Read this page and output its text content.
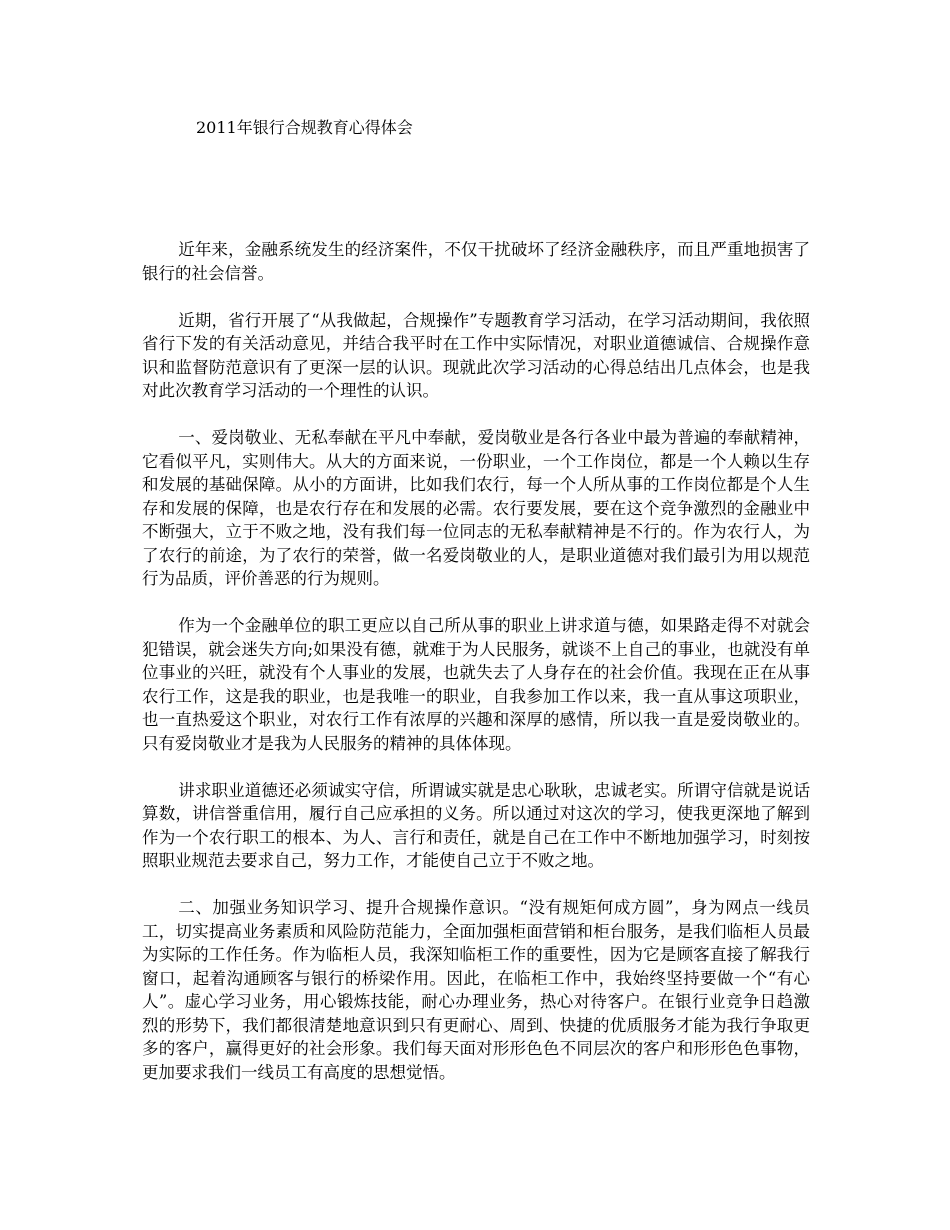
2011年银行合规教育心得体会

近年来，金融系统发生的经济案件，不仅干扰破坏了经济金融秩序，而且严重地损害了银行的社会信誉。

近期，省行开展了“从我做起，合规操作”专题教育学习活动，在学习活动期间，我依照省行下发的有关活动意见，并结合我平时在工作中实际情况，对职业道德诚信、合规操作意识和监督防范意识有了更深一层的认识。现就此次学习活动的心得总结出几点体会，也是我对此次教育学习活动的一个理性的认识。

一、爱岗敬业、无私奉献在平凡中奉献，爱岗敬业是各行各业中最为普遍的奉献精神，它看似平凡，实则伟大。从大的方面来说，一份职业，一个工作岗位，都是一个人赖以生存和发展的基础保障。从小的方面讲，比如我们农行，每一个人所从事的工作岗位都是个人生存和发展的保障，也是农行存在和发展的必需。农行要发展，要在这个竞争激烈的金融业中不断强大，立于不败之地，没有我们每一位同志的无私奉献精神是不行的。作为农行人，为了农行的前途，为了农行的荣誉，做一名爱岗敬业的人，是职业道德对我们最引为用以规范行为品质，评价善恶的行为规则。

作为一个金融单位的职工更应以自己所从事的职业上讲求道与德，如果路走得不对就会犯错误，就会迷失方向;如果没有德，就难于为人民服务，就谈不上自己的事业，也就没有单位事业的兴旺，就没有个人事业的发展，也就失去了人身存在的社会价值。我现在正在从事农行工作，这是我的职业，也是我唯一的职业，自我参加工作以来，我一直从事这项职业，也一直热爱这个职业，对农行工作有浓厚的兴趣和深厚的感情，所以我一直是爱岗敬业的。只有爱岗敬业才是我为人民服务的精神的具体体现。

讲求职业道德还必须诚实守信，所谓诚实就是忠心耿耿，忠诚老实。所谓守信就是说话算数，讲信誉重信用，履行自己应承担的义务。所以通过对这次的学习，使我更深地了解到作为一个农行职工的根本、为人、言行和责任，就是自己在工作中不断地加强学习，时刻按照职业规范去要求自己，努力工作，才能使自己立于不败之地。

二、加强业务知识学习、提升合规操作意识。“没有规矩何成方圆”，身为网点一线员工，切实提高业务素质和风险防范能力，全面加强柜面营销和柜台服务，是我们临柜人员最为实际的工作任务。作为临柜人员，我深知临柜工作的重要性，因为它是顾客直接了解我行窗口，起着沟通顾客与银行的桥梁作用。因此，在临柜工作中，我始终坚持要做一个“有心人”。虚心学习业务，用心锻炼技能，耐心办理业务，热心对待客户。在银行业竞争日趋激烈的形势下，我们都很清楚地意识到只有更耐心、周到、快捷的优质服务才能为我行争取更多的客户，赢得更好的社会形象。我们每天面对形形色色不同层次的客户和形形色色事物，更加要求我们一线员工有高度的思想觉悟。
